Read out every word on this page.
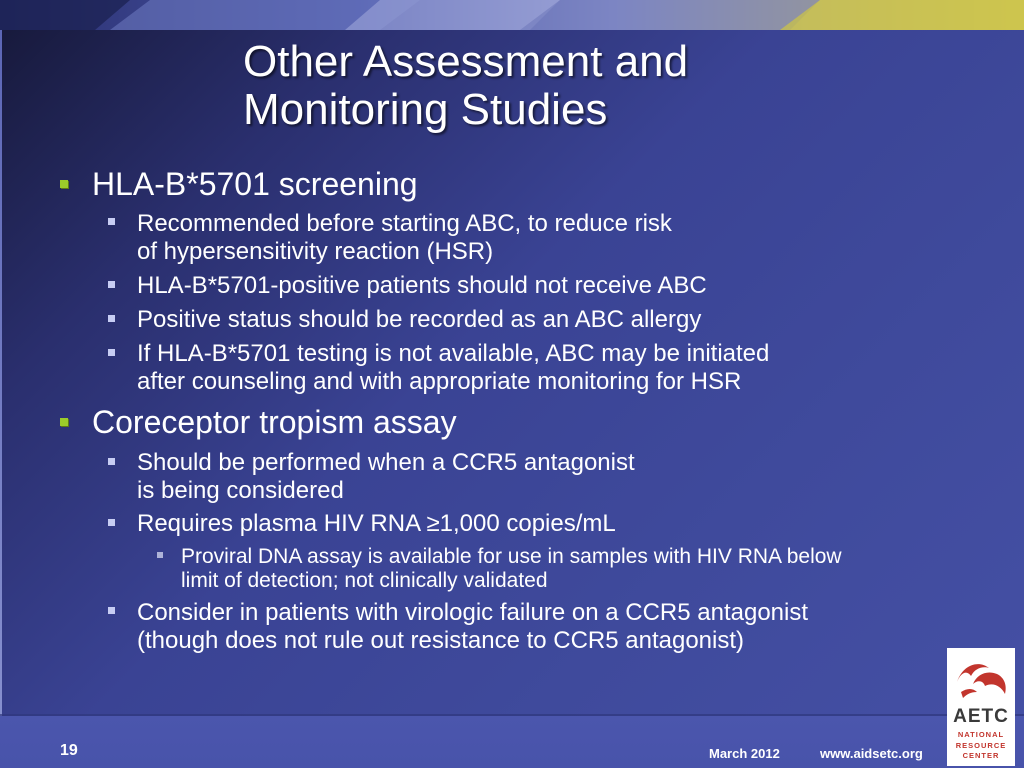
Other Assessment and
Monitoring Studies
HLA-B*5701 screening
Recommended before starting ABC, to reduce risk
of hypersensitivity reaction (HSR)
HLA-B*5701-positive patients should not receive ABC
Positive status should be recorded as an ABC allergy
If HLA-B*5701 testing is not available, ABC may be initiated
after counseling and with appropriate monitoring for HSR
Coreceptor tropism assay
Should be performed when a CCR5 antagonist
is being considered
Requires plasma HIV RNA ≥1,000 copies/mL
Proviral DNA assay is available for use in samples with HIV RNA below
limit of detection; not clinically validated
Consider in patients with virologic failure on a CCR5 antagonist
(though does not rule out resistance to CCR5 antagonist)
19	March 2012	www.aidsetc.org
AETC
NATIONAL
RESOURCE
CENTER
